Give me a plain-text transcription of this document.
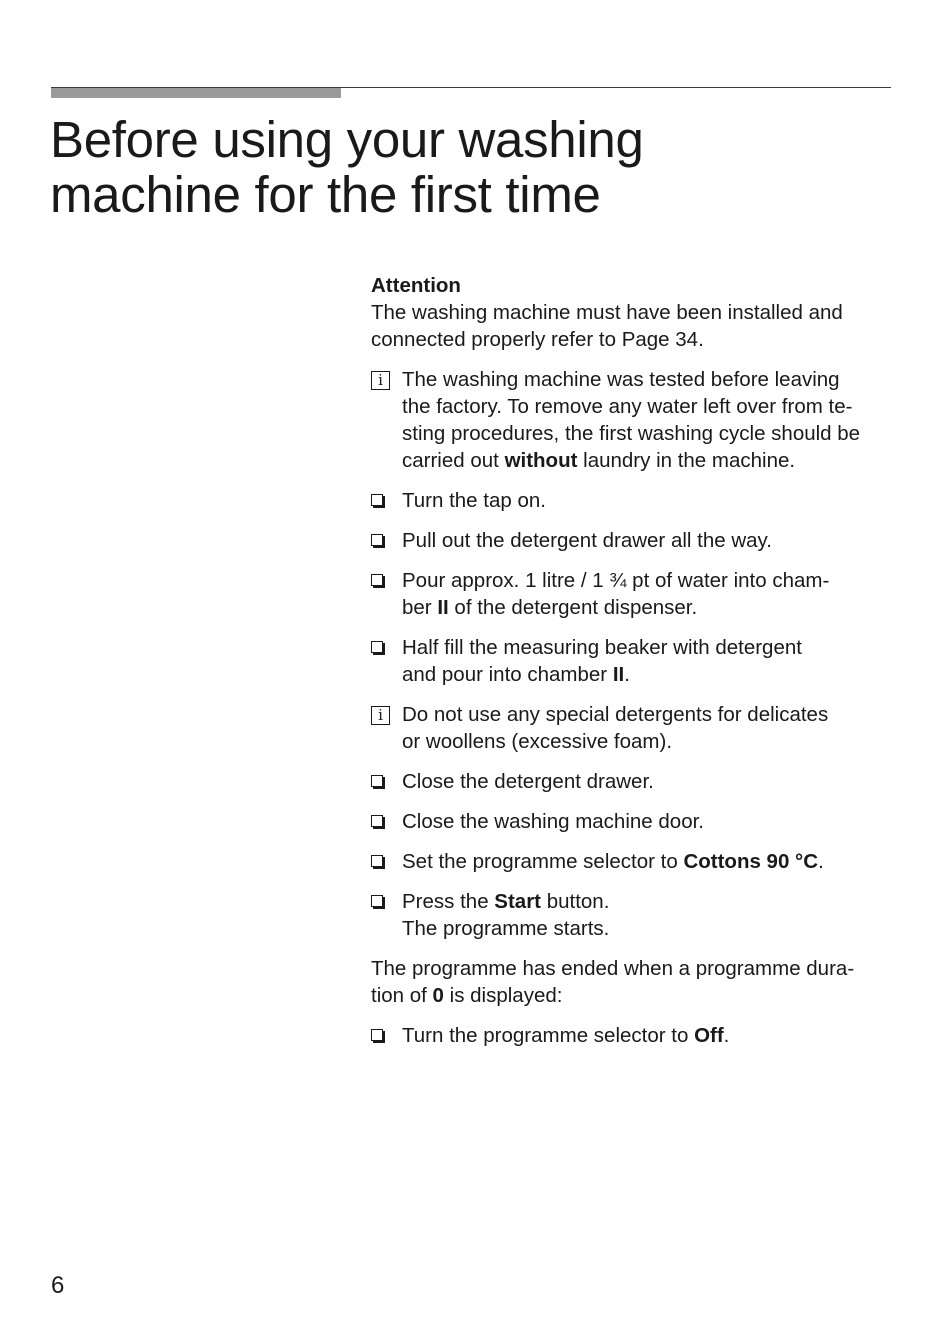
Before using your washing
machine for the first time

Attention

The washing machine must have been installed and
connected properly refer to Page 34.

i The washing machine was tested before leaving
the factory. To remove any water left over from te-
sting procedures, the first washing cycle should be
carried out without laundry in the machine.
Turn the tap on.
Pull out the detergent drawer all the way.
Pour approx. 1 litre / 1 ¾ pt of water into cham-
ber II of the detergent dispenser.
Half fill the measuring beaker with detergent
and pour into chamber II.
i Do not use any special detergents for delicates
or woollens (excessive foam).
Close the detergent drawer.
Close the washing machine door.
Set the programme selector to Cottons 90 °C.
Press the Start button.
The programme starts.

The programme has ended when a programme dura-
tion of 0 is displayed:

Turn the programme selector to Off.
6
